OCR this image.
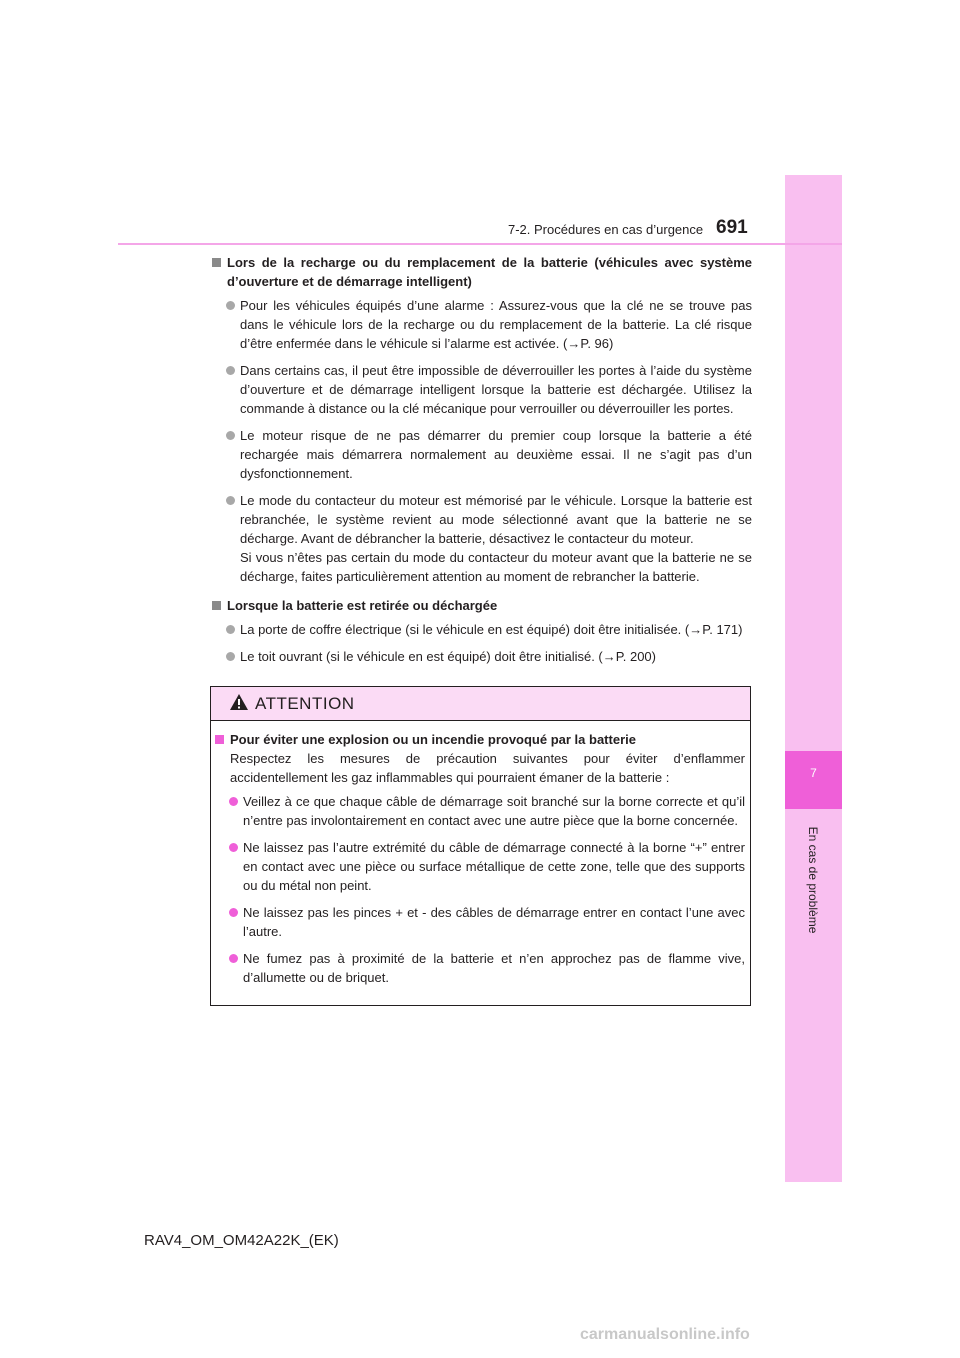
7
En cas de problème
7-2. Procédures en cas d’urgence 691
Lors de la recharge ou du remplacement de la batterie (véhicules avec système d’ouverture et de démarrage intelligent)
Pour les véhicules équipés d’une alarme : Assurez-vous que la clé ne se trouve pas dans le véhicule lors de la recharge ou du remplacement de la batterie. La clé risque d’être enfermée dans le véhicule si l’alarme est activée. (→P. 96)
Dans certains cas, il peut être impossible de déverrouiller les portes à l’aide du système d’ouverture et de démarrage intelligent lorsque la batterie est déchargée. Utilisez la commande à distance ou la clé mécanique pour verrouiller ou déverrouiller les portes.
Le moteur risque de ne pas démarrer du premier coup lorsque la batterie a été rechargée mais démarrera normalement au deuxième essai. Il ne s’agit pas d’un dysfonctionnement.
Le mode du contacteur du moteur est mémorisé par le véhicule. Lorsque la batterie est rebranchée, le système revient au mode sélectionné avant que la batterie ne se décharge. Avant de débrancher la batterie, désactivez le contacteur du moteur.
Si vous n’êtes pas certain du mode du contacteur du moteur avant que la batterie ne se décharge, faites particulièrement attention au moment de rebrancher la batterie.
Lorsque la batterie est retirée ou déchargée
La porte de coffre électrique (si le véhicule en est équipé) doit être initialisée. (→P. 171)
Le toit ouvrant (si le véhicule en est équipé) doit être initialisé. (→P. 200)
ATTENTION
Pour éviter une explosion ou un incendie provoqué par la batterie
Respectez les mesures de précaution suivantes pour éviter d’enflammer accidentellement les gaz inflammables qui pourraient émaner de la batterie :
Veillez à ce que chaque câble de démarrage soit branché sur la borne correcte et qu’il n’entre pas involontairement en contact avec une autre pièce que la borne concernée.
Ne laissez pas l’autre extrémité du câble de démarrage connecté à la borne “+” entrer en contact avec une pièce ou surface métallique de cette zone, telle que des supports ou du métal non peint.
Ne laissez pas les pinces + et - des câbles de démarrage entrer en contact l’une avec l’autre.
Ne fumez pas à proximité de la batterie et n’en approchez pas de flamme vive, d’allumette ou de briquet.
RAV4_OM_OM42A22K_(EK)
carmanualsonline.info
